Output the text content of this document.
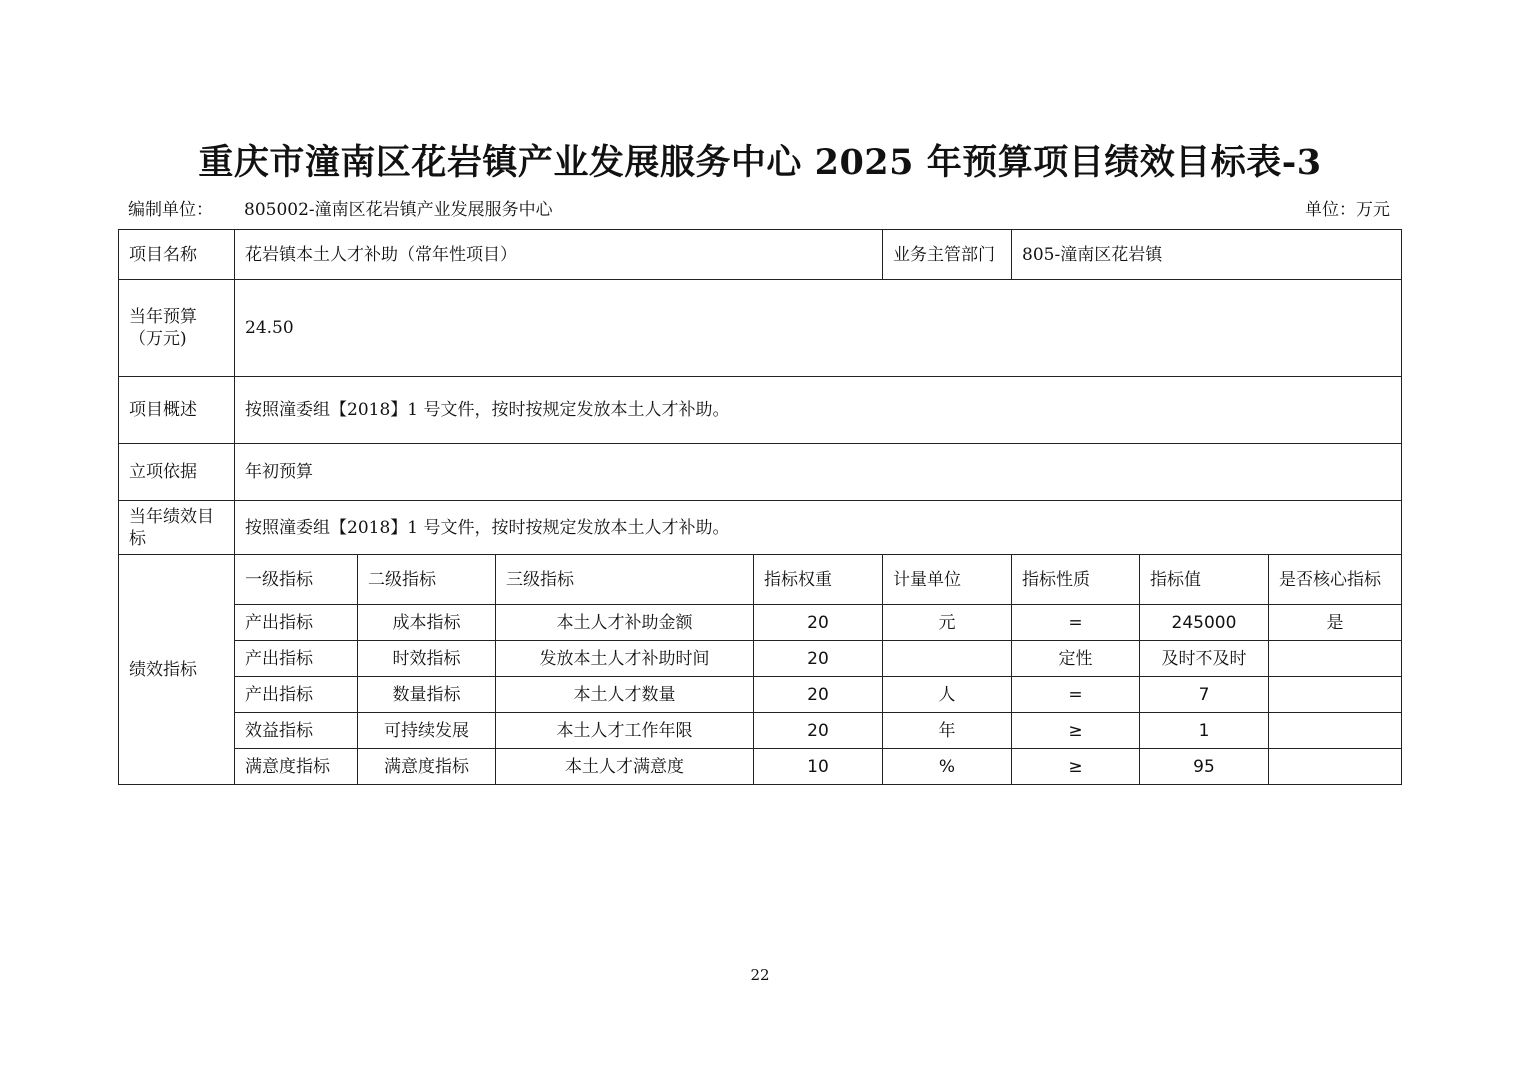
重庆市潼南区花岩镇产业发展服务中心 2025 年预算项目绩效目标表-3
编制单位： 805002-潼南区花岩镇产业发展服务中心	单位：万元
项目名称	花岩镇本土人才补助（常年性项目）				业务主管部门	805-潼南区花岩镇		
当年预算（万元)	24.50							
项目概述	按照潼委组【2018】1 号文件，按时按规定发放本土人才补助。							
立项依据	年初预算							
当年绩效目标	按照潼委组【2018】1 号文件，按时按规定发放本土人才补助。							
绩效指标	一级指标	二级指标	三级指标	指标权重	计量单位	指标性质	指标值	是否核心指标
	产出指标	成本指标	本土人才补助金额	20	元	=	245000	是
	产出指标	时效指标	发放本土人才补助时间	20		定性	及时不及时	
	产出指标	数量指标	本土人才数量	20	人	=	7	
	效益指标	可持续发展	本土人才工作年限	20	年	≥	1	
	满意度指标	满意度指标	本土人才满意度	10	%	≥	95	
22
